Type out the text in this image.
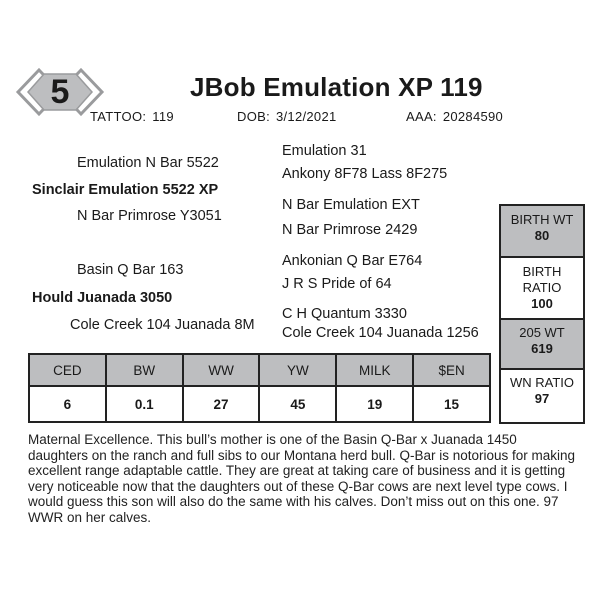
5	JBob Emulation XP 119
TATTOO: 119	DOB: 3/12/2021	AAA: 20284590
Emulation N Bar 5522
Sinclair Emulation 5522 XP
N Bar Primrose Y3051
Emulation 31
Ankony 8F78 Lass 8F275
N Bar Emulation EXT
N Bar Primrose 2429
Basin Q Bar 163
Hould Juanada 3050
Cole Creek 104 Juanada 8M
Ankonian Q Bar E764
J R S Pride of 64
C H Quantum 3330
Cole Creek 104 Juanada 1256
BIRTH WT
80
BIRTH
RATIO
100
205 WT
619
WN RATIO
97
CED	BW	WW	YW	MILK	$EN
6	0.1	27	45	19	15
Maternal Excellence. This bull’s mother is one of the Basin Q-Bar x Juanada 1450 daughters on the ranch and full sibs to our Montana herd bull. Q-Bar is notorious for making excellent range adaptable cattle. They are great at taking care of business and it is getting very noticeable now that the daughters out of these Q-Bar cows are next level type cows. I would guess this son will also do the same with his calves. Don’t miss out on this one. 97 WWR on her calves.
